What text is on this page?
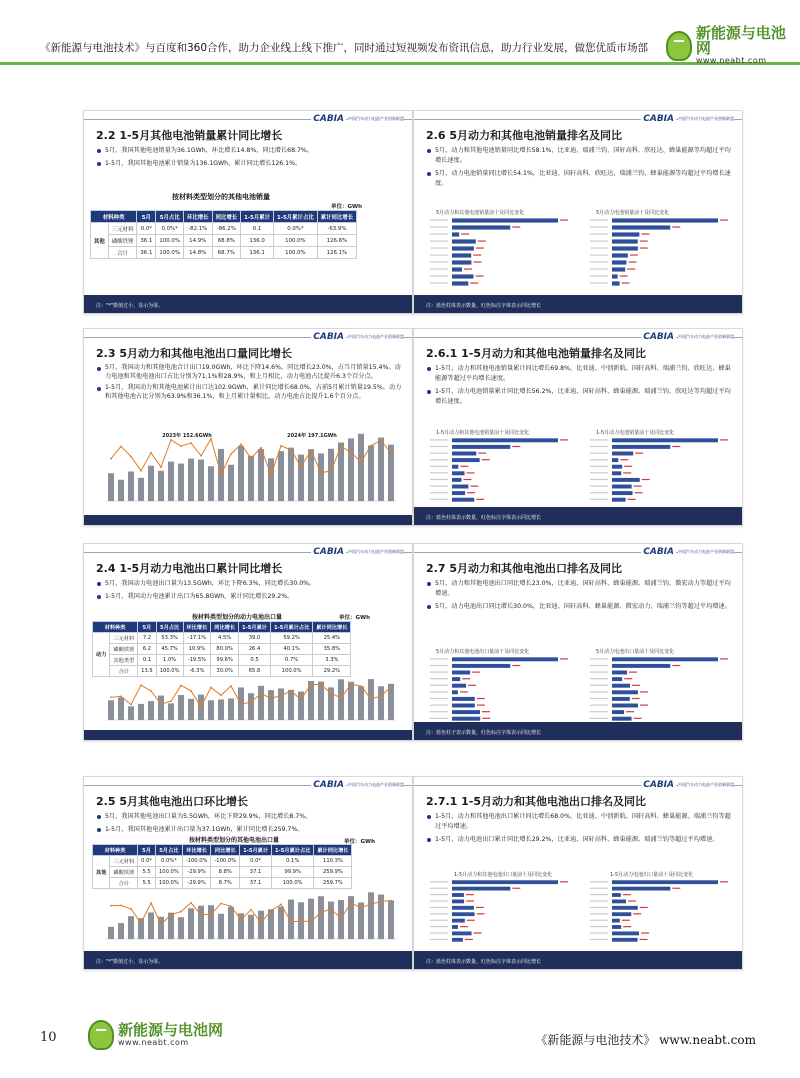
《新能源与电池技术》与百度和360合作，助力企业线上线下推广，同时通过短视频发布资讯信息，助力行业发展，做您优质市场部
新能源与电池网
www.neabt.com
CABIA	中国汽车动力电池产业创新联盟
2.2 1-5月其他电池销量累计同比增长
5月，我国其他电池销量为36.1GWh，环比增长14.8%，同比增长68.7%。
1-5月，我国其他电池累计销量为136.1GWh，累计同比增长126.1%。
按材料类型划分的其他电池销量
单位：GWh
材料种类		5月	5月占比	环比增长	同比增长	1-5月累计	1-5月累计占比	累计同比增长
其他	三元材料	0.0*	0.0%*	-82.1%	-86.2%	0.1	0.0%*	-63.9%
	磷酸铁锂	36.1	100.0%	14.9%	68.8%	136.0	100.0%	126.6%
	合计	36.1	100.0%	14.8%	68.7%	136.1	100.0%	126.1%
注："*"数值过小，显示为零。
CABIA	中国汽车动力电池产业创新联盟
2.3 5月动力和其他电池出口量同比增长
5月，我国动力和其他电池合计出口19.0GWh，环比下降14.6%，同比增长23.0%，占当月销量15.4%。动力电池和其他电池出口占比分别为71.1%和28.9%，和上月相比，动力电池占比提升6.3个百分点。
1-5月，我国动力和其他电池累计出口达102.9GWh，累计同比增长68.0%，占前5月累计销量19.5%。动力和其他电池占比分别为63.9%和36.1%，和上月累计量相比，动力电池占比提升1.6个百分点。
2023年 152.6GWh	2024年 197.1GWh
CABIA	中国汽车动力电池产业创新联盟
2.4 1-5月动力电池出口累计同比增长
5月，我国动力电池出口量为13.5GWh，环比下降6.3%，同比增长30.0%。
1-5月，我国动力电池累计出口为65.8GWh，累计同比增长29.2%。
按材料类型划分的动力电池出口量	单位：GWh
材料种类		5月	5月占比	环比增长	同比增长	1-5月累计	1-5月累计占比	累计同比增长
动力	三元材料	7.2	53.3%	-17.1%	4.5%	39.0	59.2%	25.4%
	磷酸铁锂	6.2	45.7%	10.9%	80.0%	26.4	40.1%	35.8%
	其他类型	0.1	1.0%	-19.5%	99.6%	0.5	0.7%	3.3%
	合计	13.5	100.0%	-6.3%	30.0%	65.8	100.0%	29.2%
CABIA	中国汽车动力电池产业创新联盟
2.5 5月其他电池出口环比增长
5月，我国其他电池出口量为5.5GWh，环比下降29.9%，同比增长8.7%。
1-5月，我国其他电池累计出口量为37.1GWh，累计同比增长259.7%。
按材料类型划分的其他电池出口量	单位：GWh
材料种类		5月	5月占比	环比增长	同比增长	1-5月累计	1-5月累计占比	累计同比增长
其他	三元材料	0.0*	0.0%*	-100.0%	-100.0%	0.0*	0.1%	110.3%
	磷酸铁锂	5.5	100.0%	-29.9%	8.8%	37.1	99.9%	259.9%
	合计	5.5	100.0%	-29.9%	8.7%	37.1	100.0%	259.7%
注："*"数值过小，显示为零。
CABIA	中国汽车动力电池产业创新联盟
2.6 5月动力和其他电池销量排名及同比
5月，动力和其他电池销量同比增长58.1%，比亚迪、瑞浦兰钧、国轩高科、欣旺达、蜂巢能源等均超过平均增长速度。
5月，动力电池销量同比增长54.1%，比亚迪、国轩高科、欣旺达、瑞浦兰钧、蜂巢能源等均超过平均增长速度。
5月动力和其他电池销量前十及同比变化	5月动力电池销量前十及同比变化
注：蓝色柱体表示数量，红色标注字体表示同比增长
CABIA	中国汽车动力电池产业创新联盟
2.6.1 1-5月动力和其他电池销量排名及同比
1-5月，动力和其他电池销量累计同比增长69.8%，比亚迪、中创新航、国轩高科、瑞浦兰钧、欣旺达、蜂巢能源等超过平均增长速度。
1-5月，动力电池销量累计同比增长56.2%，比亚迪、国轩高科、蜂巢能源、瑞浦兰钧、欣旺达等均超过平均增长速度。
1-5月动力和其他电池销量前十及同比变化	1-5月动力电池销量前十及同比变化
注：蓝色柱体表示数量，红色标注字体表示同比增长
CABIA	中国汽车动力电池产业创新联盟
2.7 5月动力和其他电池出口排名及同比
5月，动力和其他电池出口同比增长23.0%，比亚迪、国轩高科、蜂巢能源、瑞浦兰钧、微宏动力等超过平均增速。
5月，动力电池出口同比增长30.0%，比亚迪、国轩高科、蜂巢能源、微宏动力、瑞浦兰钧等超过平均增速。
5月动力和其他电池出口量前十及同比变化	5月动力电池出口量前十及同比变化
注：蓝色柱子表示数量，红色标注字体表示同比增长
CABIA	中国汽车动力电池产业创新联盟
2.7.1 1-5月动力和其他电池出口排名及同比
1-5月，动力和其他电池出口累计同比增长68.0%，比亚迪、中创新航、国轩高科、蜂巢能源、瑞浦兰钧等超过平均增速。
1-5月，动力电池出口累计同比增长29.2%，比亚迪、国轩高科、蜂巢能源、瑞浦兰钧等超过平均增速。
1-5月动力和其他电池出口量前十及同比变化	1-5月动力电池出口量前十及同比变化
注：蓝色柱体表示数量，红色标注字体表示同比增长
10	新能源与电池网
www.neabt.com	《新能源与电池技术》 www.neabt.com
